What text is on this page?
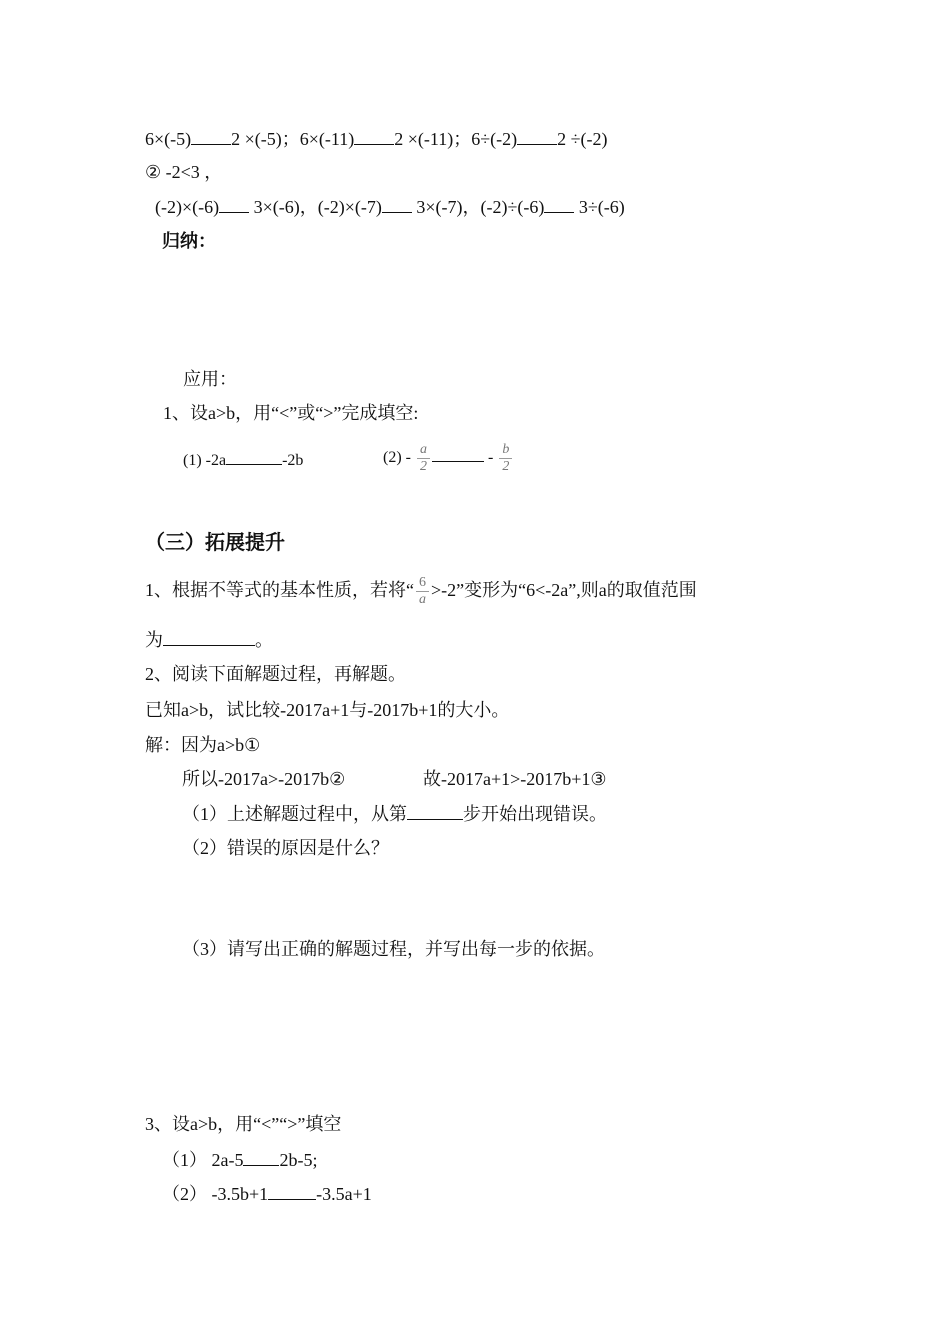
6×(-5) 2 ×(-5)；6×(-11) 2 ×(-11)；6÷(-2) 2 ÷(-2)
② -2<3 ，
(-2)×(-6) 3×(-6)，(-2)×(-7) 3×(-7)，(-2)÷(-6) 3÷(-6)
归纳：
应用：
1、设a>b，用“<”或“>”完成填空:
(1) -2a	-2b	$(2) - \frac{a}{2}$	- $\frac{b}{2}$
（三）拓展提升
1、根据不等式的基本性质，若将“ $\frac{6}{a} >-2$”变形为“6<-2a”,则a的取值范围
为	。
2、阅读下面解题过程，再解题。
已知a>b，试比较-2017a+1与-2017b+1的大小。
解：因为a>b①
所以-2017a>-2017b②	故-2017a+1>-2017b+1③
（1）上述解题过程中，从第	步开始出现错误。
（2）错误的原因是什么？
（3）请写出正确的解题过程，并写出每一步的依据。
3、设a>b，用“<”“>”填空
（1） 2a-5 2b-5;
（2） -3.5b+1	-3.5a+1
